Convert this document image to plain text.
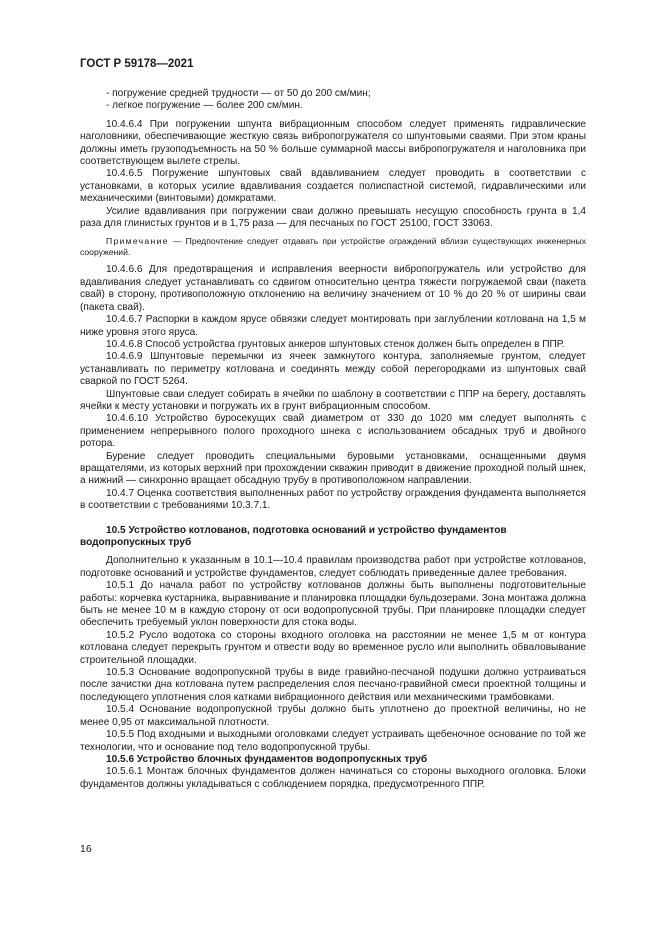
ГОСТ Р 59178—2021

- погружение средней трудности — от 50 до 200 см/мин;

- легкое погружение — более 200 см/мин.

10.4.6.4 При погружении шпунта вибрационным способом следует применять гидравлические наголовники, обеспечивающие жесткую связь вибропогружателя со шпунтовыми сваями. При этом краны должны иметь грузоподъемность на 50 % больше суммарной массы вибропогружателя и наголовника при соответствующем вылете стрелы.

10.4.6.5 Погружение шпунтовых свай вдавливанием следует проводить в соответствии с установками, в которых усилие вдавливания создается полиспастной системой, гидравлическими или механическими (винтовыми) домкратами.

Усилие вдавливания при погружении сваи должно превышать несущую способность грунта в 1,4 раза для глинистых грунтов и в 1,75 раза — для песчаных по ГОСТ 25100, ГОСТ 33063.

Примечание — Предпочтение следует отдавать при устройстве ограждений вблизи существующих инженерных сооружений.

10.4.6.6 Для предотвращения и исправления веерности вибропогружатель или устройство для вдавливания следует устанавливать со сдвигом относительно центра тяжести погружаемой сваи (пакета свай) в сторону, противоположную отклонению на величину значением от 10 % до 20 % от ширины сваи (пакета свай).

10.4.6.7 Распорки в каждом ярусе обвязки следует монтировать при заглублении котлована на 1,5 м ниже уровня этого яруса.

10.4.6.8 Способ устройства грунтовых анкеров шпунтовых стенок должен быть определен в ППР.

10.4.6.9 Шпунтовые перемычки из ячеек замкнутого контура, заполняемые грунтом, следует устанавливать по периметру котлована и соединять между собой перегородками из шпунтовых свай сваркой по ГОСТ 5264.

Шпунтовые сваи следует собирать в ячейки по шаблону в соответствии с ППР на берегу, доставлять ячейки к месту установки и погружать их в грунт вибрационным способом.

10.4.6.10 Устройство буросекущих свай диаметром от 330 до 1020 мм следует выполнять с применением непрерывного полого проходного шнека с использованием обсадных труб и двойного ротора.

Бурение следует проводить специальными буровыми установками, оснащенными двумя вращателями, из которых верхний при прохождении скважин приводит в движение проходной полый шнек, а нижний — синхронно вращает обсадную трубу в противоположном направлении.

10.4.7 Оценка соответствия выполненных работ по устройству ограждения фундамента выполняется в соответствии с требованиями 10.3.7.1.

10.5 Устройство котлованов, подготовка оснований и устройство фундаментов водопропускных труб

Дополнительно к указанным в 10.1—10.4 правилам производства работ при устройстве котлованов, подготовке оснований и устройстве фундаментов, следует соблюдать приведенные далее требования.

10.5.1 До начала работ по устройству котлованов должны быть выполнены подготовительные работы: корчевка кустарника, выравнивание и планировка площадки бульдозерами. Зона монтажа должна быть не менее 10 м в каждую сторону от оси водопропускной трубы. При планировке площадки следует обеспечить требуемый уклон поверхности для стока воды.

10.5.2 Русло водотока со стороны входного оголовка на расстоянии не менее 1,5 м от контура котлована следует перекрыть грунтом и отвести воду во временное русло или выполнить обваловывание строительной площадки.

10.5.3 Основание водопропускной трубы в виде гравийно-песчаной подушки должно устраиваться после зачистки дна котлована путем распределения слоя песчано-гравийной смеси проектной толщины и последующего уплотнения слоя катками вибрационного действия или механическими трамбовками.

10.5.4 Основание водопропускной трубы должно быть уплотнено до проектной величины, но не менее 0,95 от максимальной плотности.

10.5.5 Под входными и выходными оголовками следует устраивать щебеночное основание по той же технологии, что и основание под тело водопропускной трубы.

10.5.6 Устройство блочных фундаментов водопропускных труб

10.5.6.1 Монтаж блочных фундаментов должен начинаться со стороны выходного оголовка. Блоки фундаментов должны укладываться с соблюдением порядка, предусмотренного ППР.

16
